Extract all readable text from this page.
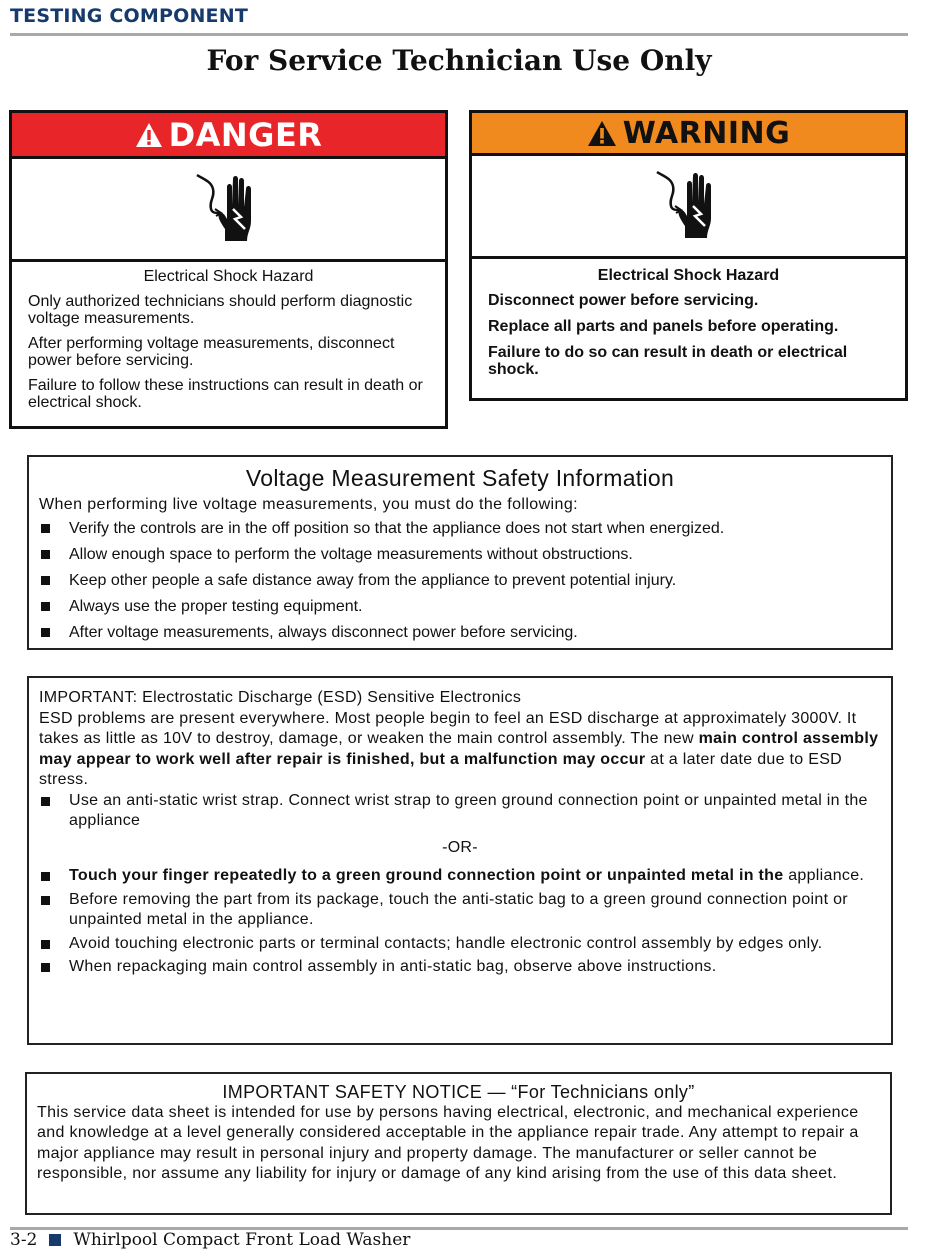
TESTING COMPONENT
For Service Technician Use Only
DANGER
Electrical Shock Hazard

Only authorized technicians should perform diagnostic voltage measurements.

After performing voltage measurements, disconnect power before servicing.

Failure to follow these instructions can result in death or electrical shock.

WARNING
Electrical Shock Hazard

Disconnect power before servicing.

Replace all parts and panels before operating.

Failure to do so can result in death or electrical shock.

Voltage Measurement Safety Information
When performing live voltage measurements, you must do the following:
Verify the controls are in the off position so that the appliance does not start when energized.
Allow enough space to perform the voltage measurements without obstructions.
Keep other people a safe distance away from the appliance to prevent potential injury.
Always use the proper testing equipment.
After voltage measurements, always disconnect power before servicing.
IMPORTANT: Electrostatic Discharge (ESD) Sensitive Electronics
ESD problems are present everywhere. Most people begin to feel an ESD discharge at approximately 3000V. It takes as little as 10V to destroy, damage, or weaken the main control assembly. The new main control assembly may appear to work well after repair is finished, but a malfunction may occur at a later date due to ESD stress.
Use an anti-static wrist strap. Connect wrist strap to green ground connection point or unpainted metal in the appliance
-OR-
Touch your finger repeatedly to a green ground connection point or unpainted metal in the appliance.
Before removing the part from its package, touch the anti-static bag to a green ground connection point or unpainted metal in the appliance.
Avoid touching electronic parts or terminal contacts; handle electronic control assembly by edges only.
When repackaging main control assembly in anti-static bag, observe above instructions.
IMPORTANT SAFETY NOTICE — “For Technicians only”
This service data sheet is intended for use by persons having electrical, electronic, and mechanical experience and knowledge at a level generally considered acceptable in the appliance repair trade. Any attempt to repair a major appliance may result in personal injury and property damage. The manufacturer or seller cannot be responsible, nor assume any liability for injury or damage of any kind arising from the use of this data sheet.
3-2 Whirlpool Compact Front Load Washer
